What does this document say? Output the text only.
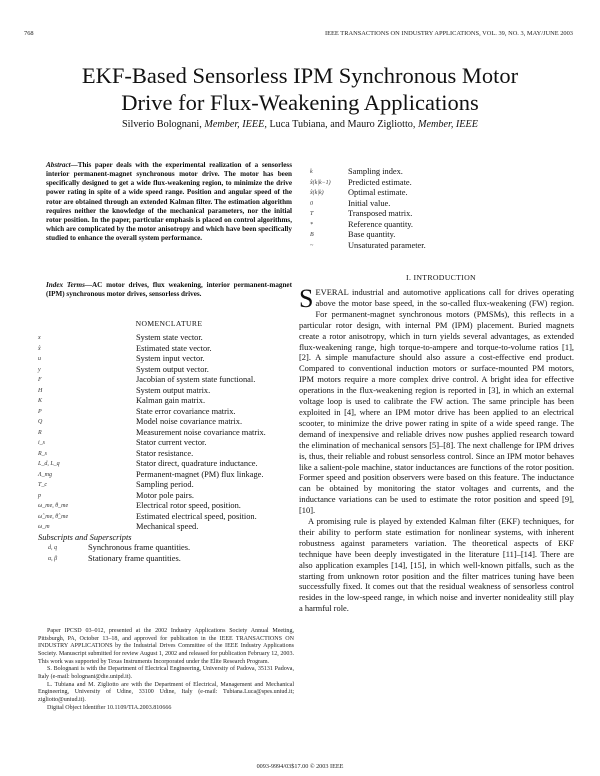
768	IEEE TRANSACTIONS ON INDUSTRY APPLICATIONS, VOL. 39, NO. 3, MAY/JUNE 2003
EKF-Based Sensorless IPM Synchronous Motor
Drive for Flux-Weakening Applications
Silverio Bolognani, Member, IEEE, Luca Tubiana, and Mauro Zigliotto, Member, IEEE
Abstract—This paper deals with the experimental realization of a sensorless interior permanent-magnet synchronous motor drive. The motor has been specifically designed to get a wide flux-weakening region, to minimize the drive power rating in spite of a wide speed range. Position and angular speed of the rotor are obtained through an extended Kalman filter. The estimation algorithm requires neither the knowledge of the mechanical parameters, nor the initial rotor position. In the paper, particular emphasis is placed on control algorithms, which are complicated by the motor anisotropy and which have been specifically studied to enhance the overall system performance.
Index Terms—AC motor drives, flux weakening, interior permanent-magnet (IPM) synchronous motor drives, sensorless drives.
NOMENCLATURE
x	System state vector.
x̂	Estimated state vector.
u	System input vector.
y	System output vector.
F	Jacobian of system state functional.
H	System output matrix.
K	Kalman gain matrix.
P	State error covariance matrix.
Q	Model noise covariance matrix.
R	Measurement noise covariance matrix.
i_s	Stator current vector.
R_s	Stator resistance.
L_d, L_q	Stator direct, quadrature inductance.
Λ_mg	Permanent-magnet (PM) flux linkage.
T_c	Sampling period.
p	Motor pole pairs.
ω_me, θ_me	Electrical rotor speed, position.
ω̂_me, θ̂_me	Estimated electrical speed, position.
ω_m	Mechanical speed.
Subscripts and Superscripts
d, q	Synchronous frame quantities.
α, β	Stationary frame quantities.

Paper IPCSD 03–012, presented at the 2002 Industry Applications Society Annual Meeting, Pittsburgh, PA, October 13–18, and approved for publication in the IEEE TRANSACTIONS ON INDUSTRY APPLICATIONS by the Industrial Drives Committee of the IEEE Industry Applications Society. Manuscript submitted for review August 1, 2002 and released for publication February 12, 2003. This work was supported by Texas Instruments Incorporated under the Elite Research Program.

S. Bolognani is with the Department of Electrical Engineering, University of Padova, 35131 Padova, Italy (e-mail: bolognani@die.unipd.it).

L. Tubiana and M. Zigliotto are with the Department of Electrical, Management and Mechanical Engineering, University of Udine, 33100 Udine, Italy (e-mail: Tubiana.Luca@spes.uniud.it; zigliotto@uniud.it).

Digital Object Identifier 10.1109/TIA.2003.810666

k	Sampling index.
x̂(k|k−1) Predicted estimate.
x̂(k|k)	Optimal estimate.
0	Initial value.
T	Transposed matrix.
*	Reference quantity.
B	Base quantity.
~	Unsaturated parameter.
I. INTRODUCTION

SEVERAL industrial and automotive applications call for drives operating above the motor base speed, in the so-called flux-weakening (FW) region. For permanent-magnet synchronous motors (PMSMs), this reflects in a particular rotor design, with internal PM (IPM) placement. Buried magnets create a rotor anisotropy, which in turn yields several advantages, as extended flux-weakening range, high torque-to-ampere and torque-to-volume ratios [1], [2]. A simple manufacture should also assure a cost-effective end product. Compared to conventional induction motors or surface-mounted PM motors, IPM motors require a more complex drive control. A bright idea for effective operations in the flux-weakening region is reported in [3], in which an external voltage loop is used to calibrate the FW action. The same principle has been exploited in [4], where an IPM motor drive has been applied to an electrical scooter, to minimize the drive power rating in spite of a wide speed range. The demand of inexpensive and reliable drives now pushes applied research toward the elimination of mechanical sensors [5]–[8]. The next challenge for IPM drives is, thus, their reliable and robust sensorless control. Since an IPM motor behaves like a salient-pole machine, stator inductances are functions of the rotor position. Former speed and position observers were based on this feature. The inductance can be obtained by monitoring the stator voltages and currents, and the inductance variations can be used to estimate the rotor position and speed [9], [10].

A promising rule is played by extended Kalman filter (EKF) techniques, for their ability to perform state estimation for nonlinear systems, with inherent robustness against parameters variation. The theoretical aspects of EKF technique have been deeply investigated in the literature [11]–[14]. There are also application examples [14], [15], in which well-known pitfalls, such as the starting from unknown rotor position and the filter matrices tuning have been successfully fixed. It comes out that the residual weakness of sensorless control resides in the low-speed range, in which noise and inverter nonideality still play a harmful role.

0093-9994/03$17.00 © 2003 IEEE
